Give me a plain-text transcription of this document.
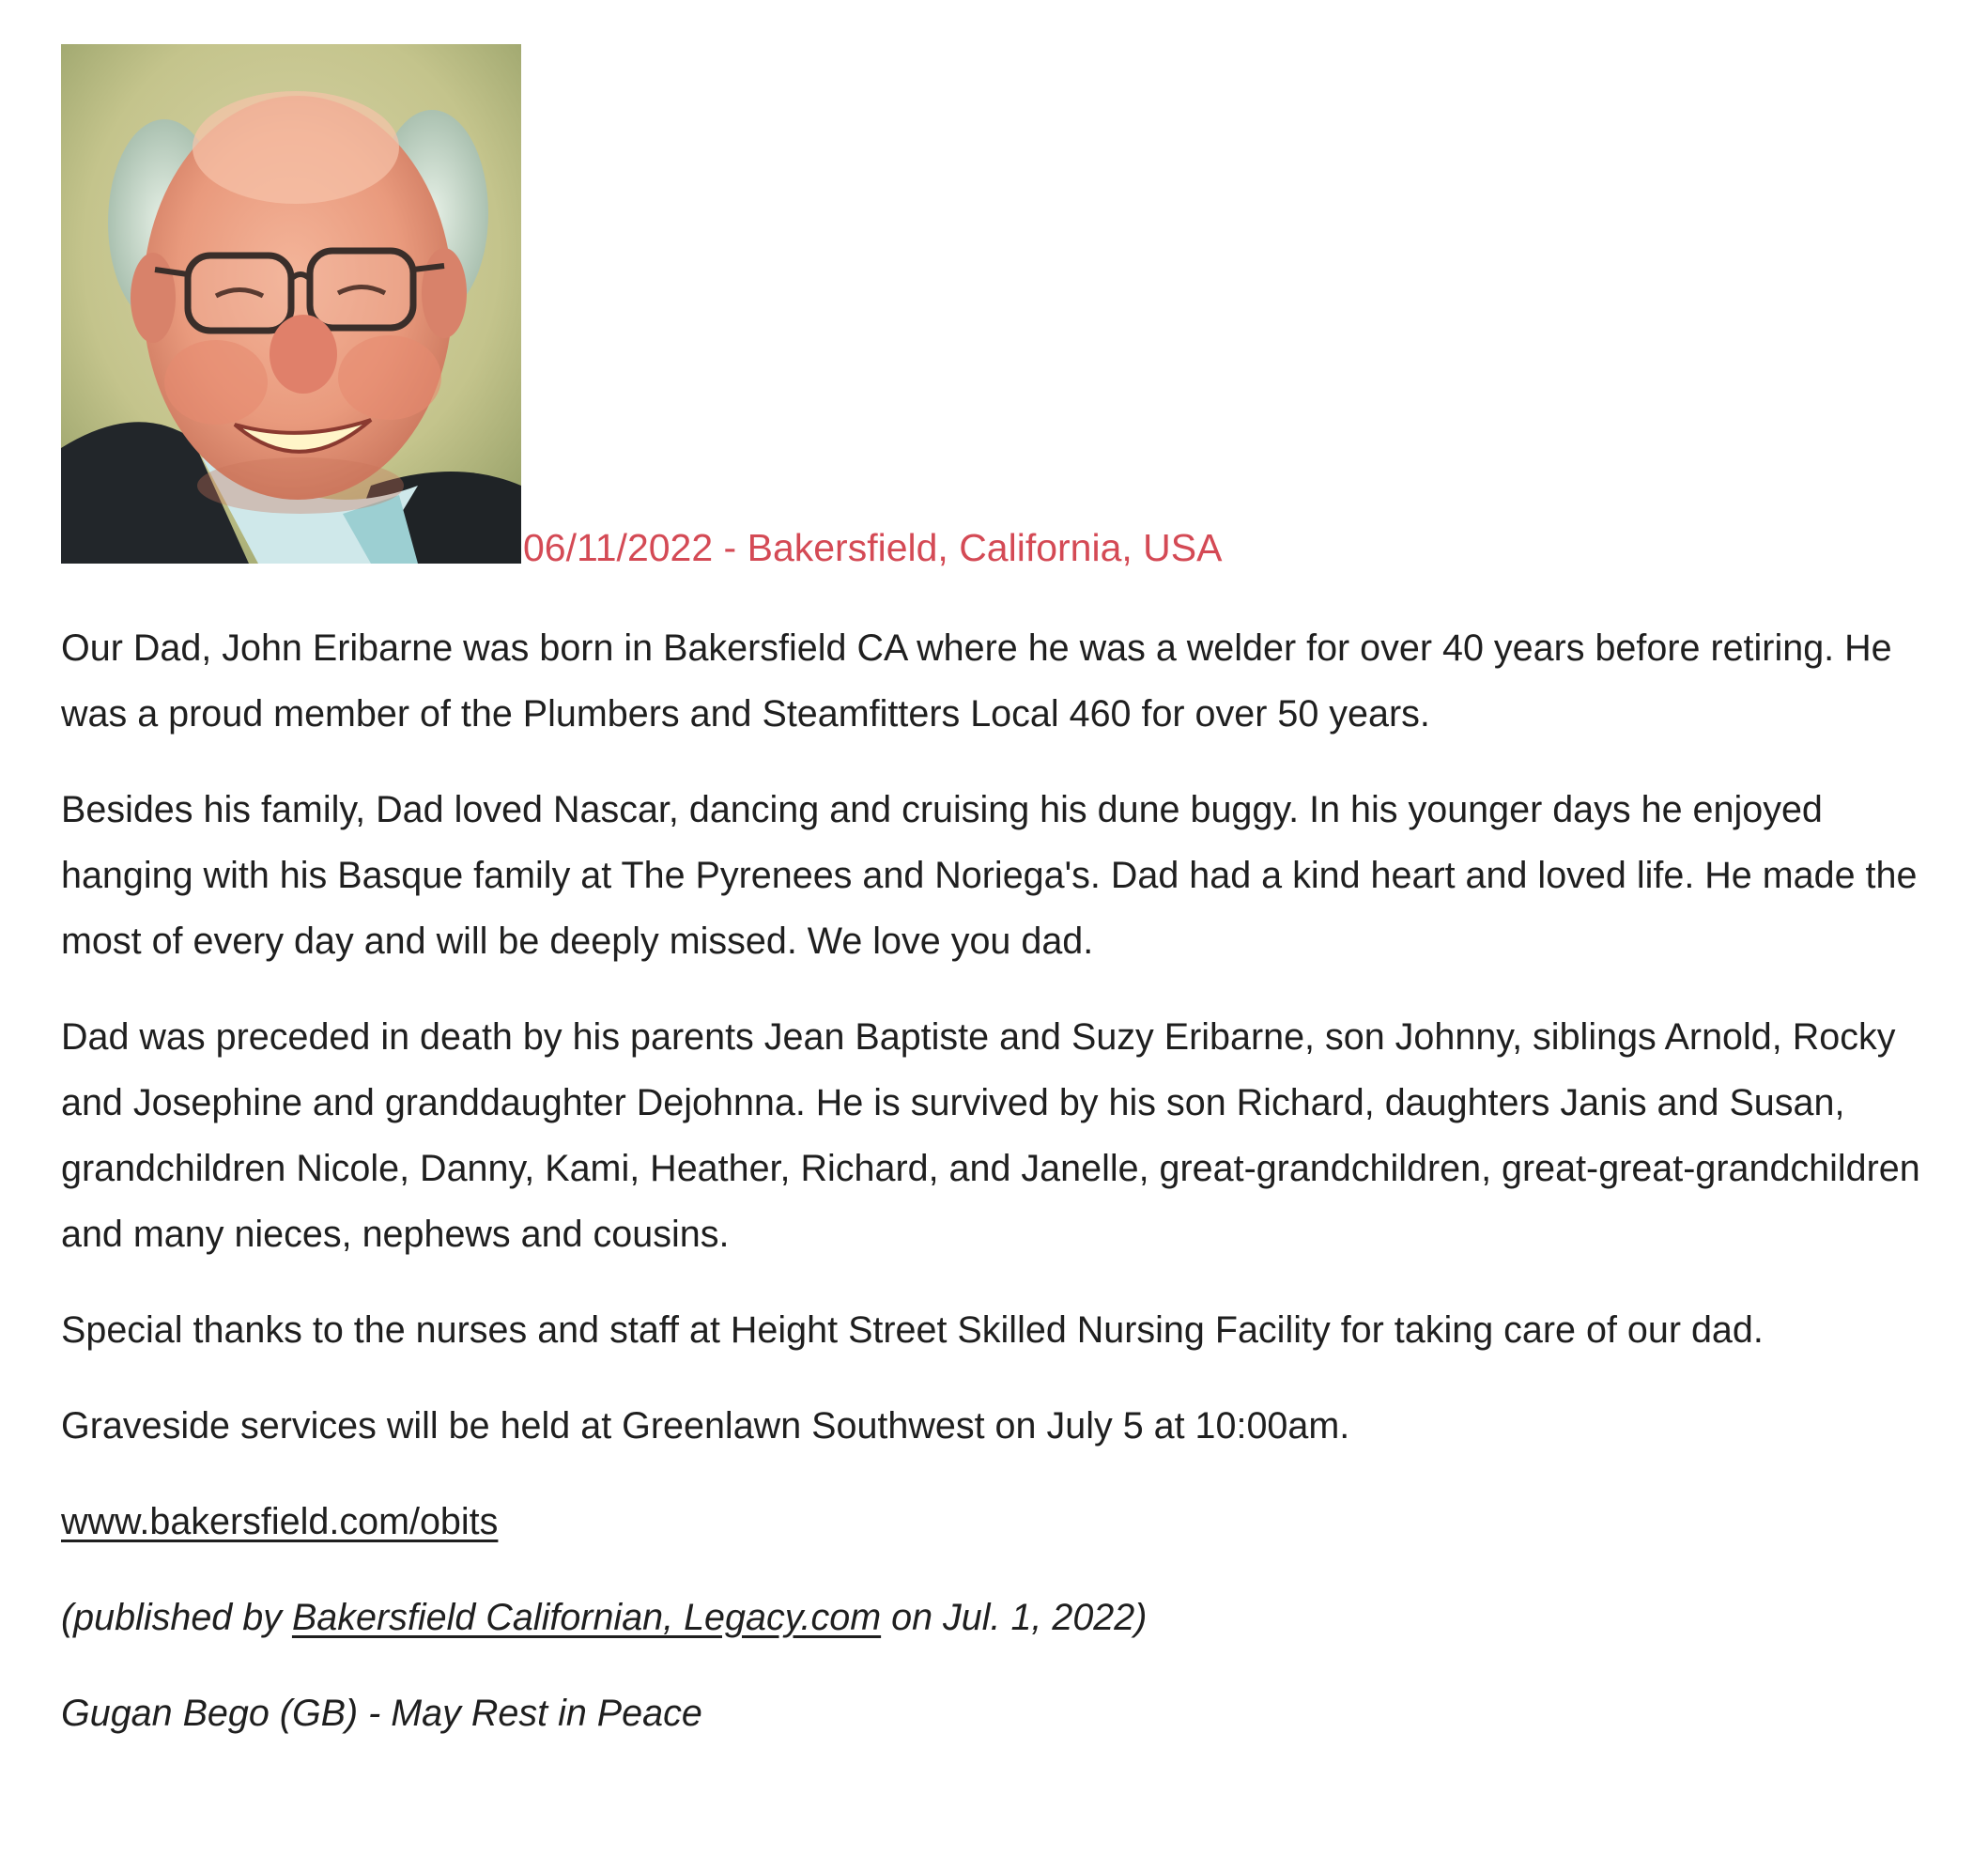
06/11/2022 - Bakersfield, California, USA

Our Dad, John Eribarne was born in Bakersfield CA where he was a welder for over 40 years before retiring. He was a proud member of the Plumbers and Steamfitters Local 460 for over 50 years.

Besides his family, Dad loved Nascar, dancing and cruising his dune buggy. In his younger days he enjoyed hanging with his Basque family at The Pyrenees and Noriega's. Dad had a kind heart and loved life. He made the most of every day and will be deeply missed. We love you dad.

Dad was preceded in death by his parents Jean Baptiste and Suzy Eribarne, son Johnny, siblings Arnold, Rocky and Josephine and granddaughter Dejohnna. He is survived by his son Richard, daughters Janis and Susan, grandchildren Nicole, Danny, Kami, Heather, Richard, and Janelle, great-grandchildren, great-great-grandchildren and many nieces, nephews and cousins.

Special thanks to the nurses and staff at Height Street Skilled Nursing Facility for taking care of our dad.

Graveside services will be held at Greenlawn Southwest on July 5 at 10:00am.

www.bakersfield.com/obits

(published by Bakersfield Californian, Legacy.com on Jul. 1, 2022)

Gugan Bego (GB) - May Rest in Peace
